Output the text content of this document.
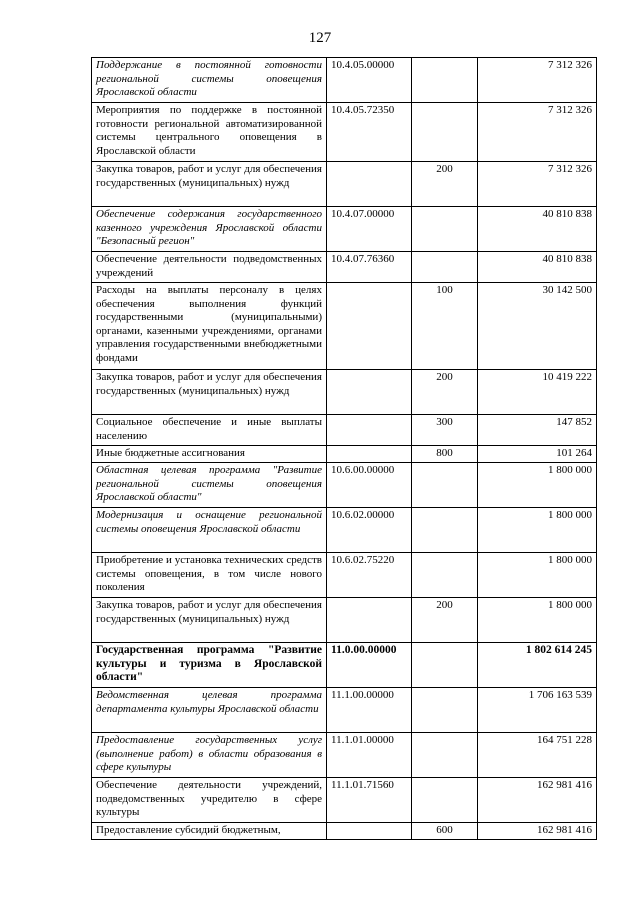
127
Поддержание в постоянной готовности региональной системы оповещения Ярославской области	10.4.05.00000		7 312 326
Мероприятия по поддержке в постоянной готовности региональной автоматизированной системы центрального оповещения в Ярославской области	10.4.05.72350		7 312 326
Закупка товаров, работ и услуг для обеспечения государственных (муниципальных) нужд		200	7 312 326
Обеспечение содержания государственного казенного учреждения Ярославской области "Безопасный регион"	10.4.07.00000		40 810 838
Обеспечение деятельности подведомственных учреждений	10.4.07.76360		40 810 838
Расходы на выплаты персоналу в целях обеспечения выполнения функций государственными (муниципальными) органами, казенными учреждениями, органами управления государственными внебюджетными фондами		100	30 142 500
Закупка товаров, работ и услуг для обеспечения государственных (муниципальных) нужд		200	10 419 222
Социальное обеспечение и иные выплаты населению		300	147 852
Иные бюджетные ассигнования		800	101 264
Областная целевая программа "Развитие региональной системы оповещения Ярославской области"	10.6.00.00000		1 800 000
Модернизация и оснащение региональной системы оповещения Ярославской области	10.6.02.00000		1 800 000
Приобретение и установка технических средств системы оповещения, в том числе нового поколения	10.6.02.75220		1 800 000
Закупка товаров, работ и услуг для обеспечения государственных (муниципальных) нужд		200	1 800 000
Государственная программа "Развитие культуры и туризма в Ярославской области"	11.0.00.00000		1 802 614 245
Ведомственная целевая программа департамента культуры Ярославской области	11.1.00.00000		1 706 163 539
Предоставление государственных услуг (выполнение работ) в области образования в сфере культуры	11.1.01.00000		164 751 228
Обеспечение деятельности учреждений, подведомственных учредителю в сфере культуры	11.1.01.71560		162 981 416
Предоставление субсидий бюджетным,		600	162 981 416
